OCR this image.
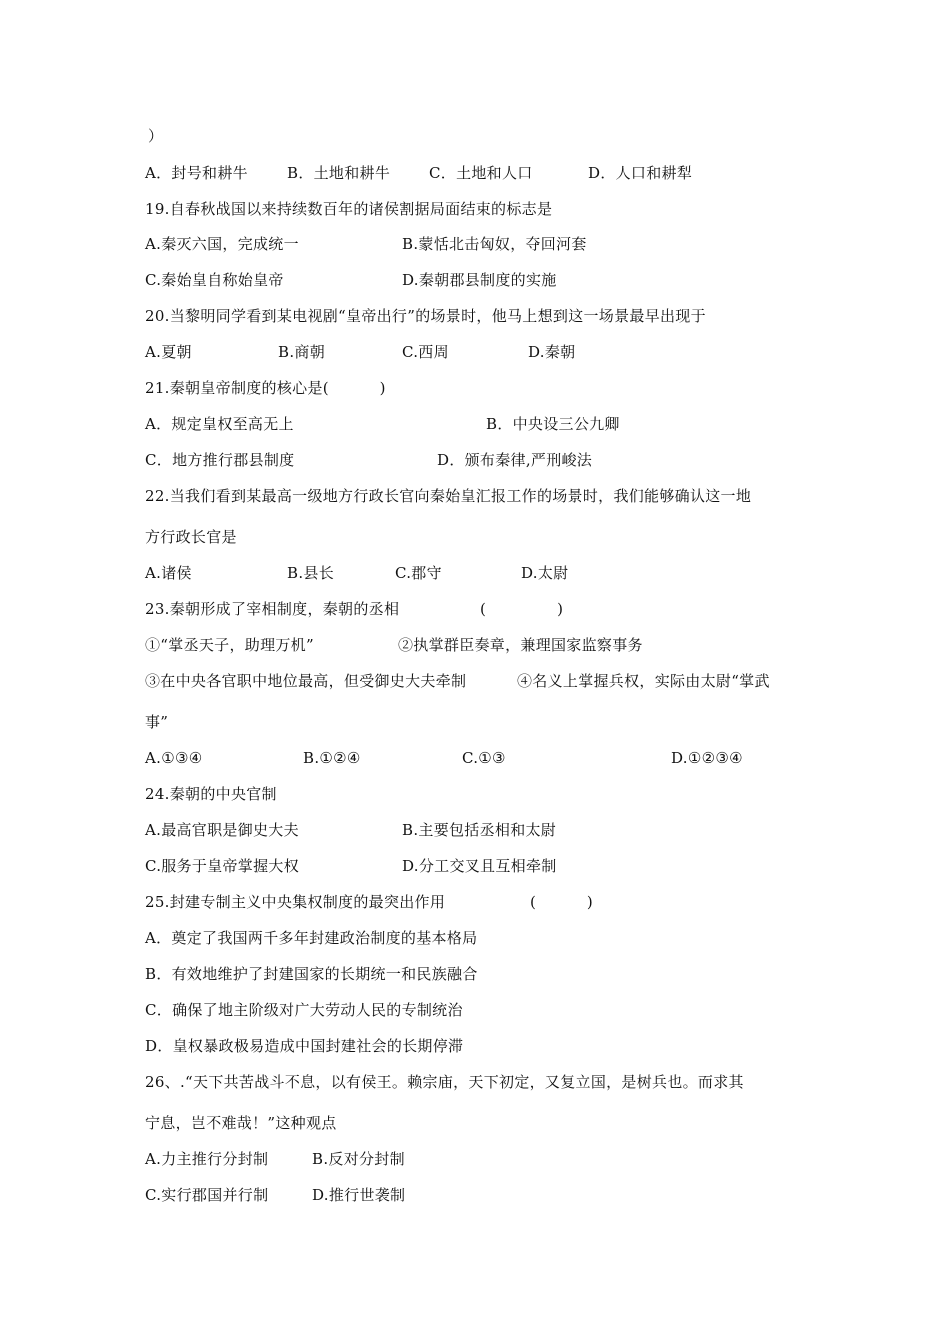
）
A．封号和耕牛	B．土地和耕牛	C．土地和人口	D．人口和耕犁
19.自春秋战国以来持续数百年的诸侯割据局面结束的标志是
A.秦灭六国，完成统一	B.蒙恬北击匈奴，夺回河套
C.秦始皇自称始皇帝	D.秦朝郡县制度的实施
20.当黎明同学看到某电视剧“皇帝出行”的场景时，他马上想到这一场景最早出现于
A.夏朝	B.商朝	C.西周	D.秦朝
21.秦朝皇帝制度的核心是(          )
A．规定皇权至高无上	B．中央设三公九卿
C．地方推行郡县制度	D．颁布秦律,严刑峻法
22.当我们看到某最高一级地方行政长官向秦始皇汇报工作的场景时，我们能够确认这一地
方行政长官是
A.诸侯	B.县长	C.郡守	D.太尉
23.秦朝形成了宰相制度，秦朝的丞相	(              )
①“掌丞天子，助理万机”	②执掌群臣奏章，兼理国家监察事务
③在中央各官职中地位最高，但受御史大夫牵制	④名义上掌握兵权，实际由太尉“掌武
事”
A.①③④	B.①②④	C.①③	D.①②③④
24.秦朝的中央官制
A.最高官职是御史大夫	B.主要包括丞相和太尉
C.服务于皇帝掌握大权	D.分工交叉且互相牵制
25.封建专制主义中央集权制度的最突出作用	(          )
A．奠定了我国两千多年封建政治制度的基本格局
B．有效地维护了封建国家的长期统一和民族融合
C．确保了地主阶级对广大劳动人民的专制统治
D．皇权暴政极易造成中国封建社会的长期停滞
26、.“天下共苦战斗不息，以有侯王。赖宗庙，天下初定，又复立国，是树兵也。而求其
宁息，岂不难哉！”这种观点
A.力主推行分封制	B.反对分封制
C.实行郡国并行制	D.推行世袭制
